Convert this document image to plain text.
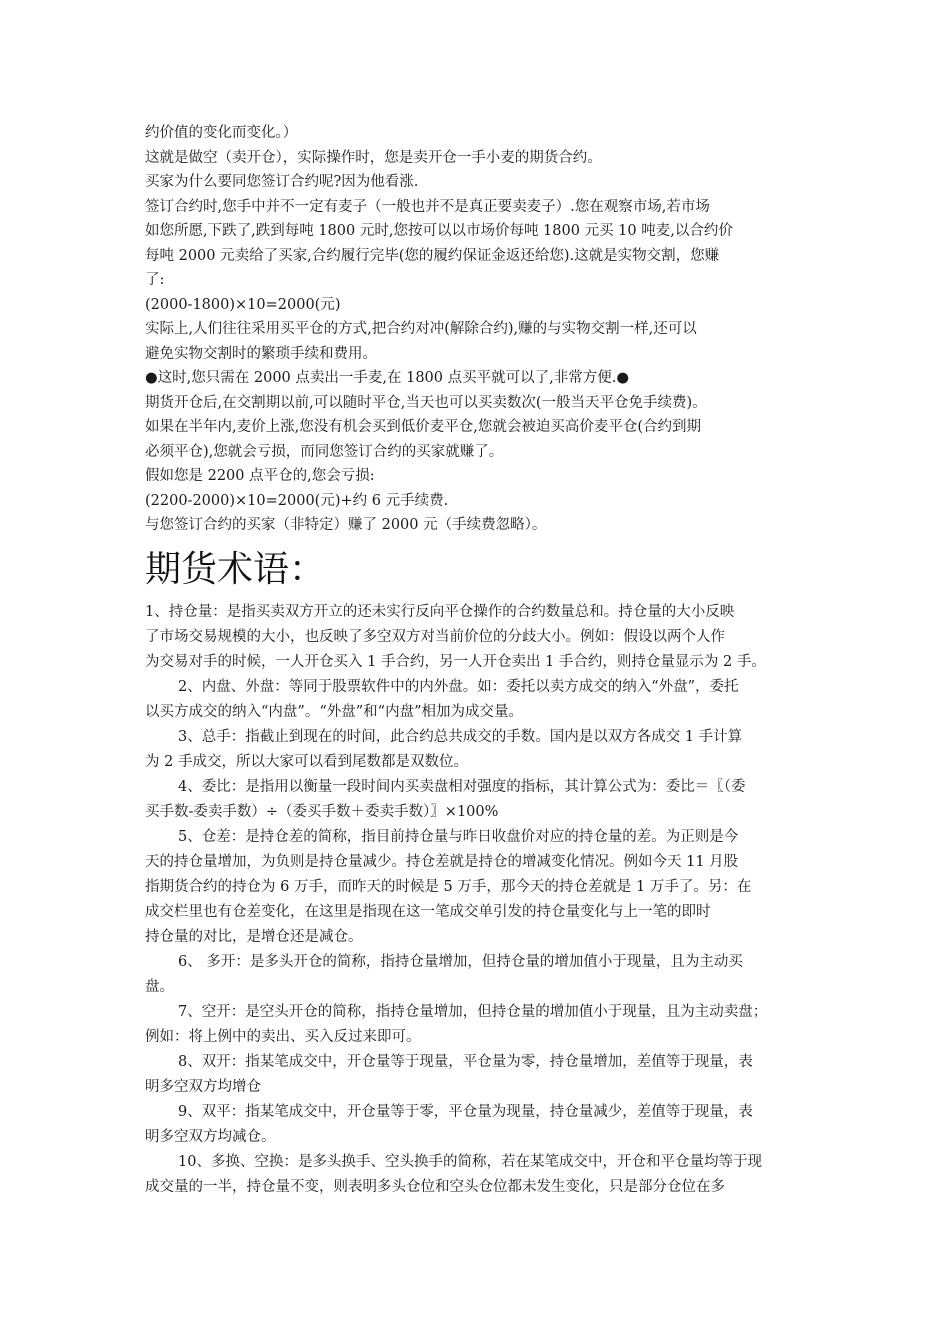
约价值的变化而变化。）

这就是做空（卖开仓），实际操作时，您是卖开仓一手小麦的期货合约。

买家为什么要同您签订合约呢?因为他看涨.

签订合约时,您手中并不一定有麦子（一般也并不是真正要卖麦子）.您在观察市场,若市场

如您所愿,下跌了,跌到每吨 1800 元时,您按可以以市场价每吨 1800 元买 10 吨麦,以合约价

每吨 2000 元卖给了买家,合约履行完毕(您的履约保证金返还给您).这就是实物交割，您赚

了:

(2000-1800)×10=2000(元)

实际上,人们往往采用买平仓的方式,把合约对冲(解除合约),赚的与实物交割一样,还可以

避免实物交割时的繁琐手续和费用。

●这时,您只需在 2000 点卖出一手麦,在 1800 点买平就可以了,非常方便.●

期货开仓后,在交割期以前,可以随时平仓,当天也可以买卖数次(一般当天平仓免手续费)。

如果在半年内,麦价上涨,您没有机会买到低价麦平仓,您就会被迫买高价麦平仓(合约到期

必须平仓),您就会亏损，而同您签订合约的买家就赚了。

假如您是 2200 点平仓的,您会亏损:

(2200-2000)×10=2000(元)+约 6 元手续费.

与您签订合约的买家（非特定）赚了 2000 元（手续费忽略）。

期货术语：

1、持仓量：是指买卖双方开立的还未实行反向平仓操作的合约数量总和。持仓量的大小反映

了市场交易规模的大小，也反映了多空双方对当前价位的分歧大小。例如：假设以两个人作

为交易对手的时候，一人开仓买入 1 手合约，另一人开仓卖出 1 手合约，则持仓量显示为 2 手。

2、内盘、外盘：等同于股票软件中的内外盘。如：委托以卖方成交的纳入“外盘”，委托

以买方成交的纳入“内盘”。“外盘”和“内盘”相加为成交量。

3、总手：指截止到现在的时间，此合约总共成交的手数。国内是以双方各成交 1 手计算

为 2 手成交，所以大家可以看到尾数都是双数位。

4、委比：是指用以衡量一段时间内买卖盘相对强度的指标，其计算公式为：委比＝〖（委

买手数-委卖手数）÷（委买手数＋委卖手数）〗×100%

5、仓差：是持仓差的简称，指目前持仓量与昨日收盘价对应的持仓量的差。为正则是今

天的持仓量增加，为负则是持仓量减少。持仓差就是持仓的增减变化情况。例如今天 11 月股

指期货合约的持仓为 6 万手，而昨天的时候是 5 万手，那今天的持仓差就是 1 万手了。另：在

成交栏里也有仓差变化，在这里是指现在这一笔成交单引发的持仓量变化与上一笔的即时

持仓量的对比，是增仓还是减仓。

6、 多开：是多头开仓的简称，指持仓量增加，但持仓量的增加值小于现量，且为主动买

盘。

7、空开：是空头开仓的简称，指持仓量增加，但持仓量的增加值小于现量，且为主动卖盘；

例如：将上例中的卖出、买入反过来即可。

8、双开：指某笔成交中，开仓量等于现量，平仓量为零，持仓量增加，差值等于现量，表

明多空双方均增仓

9、双平：指某笔成交中，开仓量等于零，平仓量为现量，持仓量减少，差值等于现量，表

明多空双方均减仓。

10、多换、空换：是多头换手、空头换手的简称，若在某笔成交中，开仓和平仓量均等于现

成交量的一半，持仓量不变，则表明多头仓位和空头仓位都未发生变化，只是部分仓位在多
